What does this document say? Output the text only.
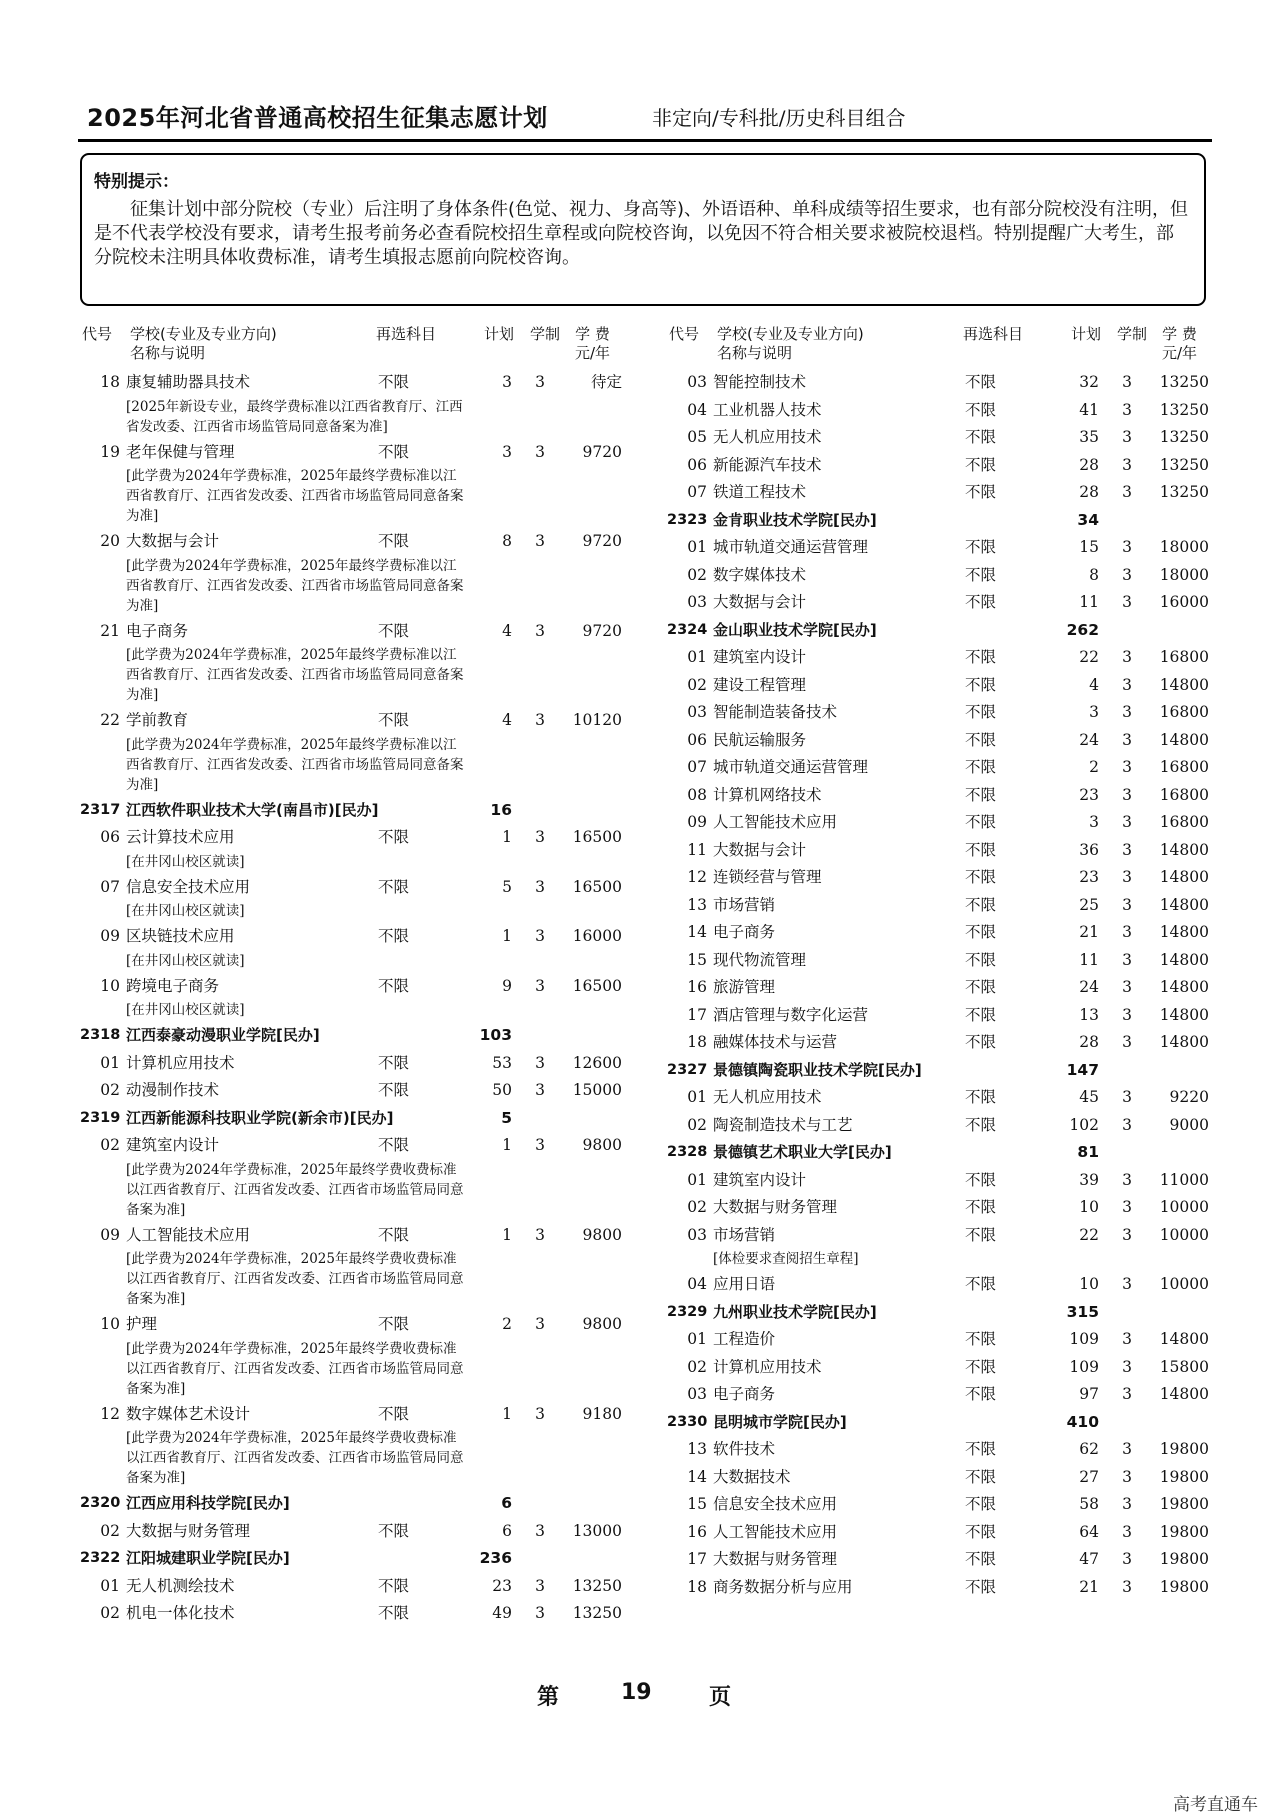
2025年河北省普通高校招生征集志愿计划	非定向/专科批/历史科目组合
特别提示：
征集计划中部分院校（专业）后注明了身体条件(色觉、视力、身高等)、外语语种、单科成绩等招生要求，也有部分院校没有注明，但是不代表学校没有要求，请考生报考前务必查看院校招生章程或向院校咨询，以免因不符合相关要求被院校退档。特别提醒广大考生，部分院校未注明具体收费标准，请考生填报志愿前向院校咨询。
代号 学校(专业及专业方向)
名称与说明
再选科目	计划 学制 学 费
元/年
18 康复辅助器具技术	不限	3	3	待定
[2025年新设专业，最终学费标准以江西省教育厅、江西省发改委、江西省市场监管局同意备案为准]
19 老年保健与管理	不限	3	3	9720
[此学费为2024年学费标准，2025年最终学费标准以江西省教育厅、江西省发改委、江西省市场监管局同意备案为准]
20 大数据与会计	不限	8	3	9720
[此学费为2024年学费标准，2025年最终学费标准以江西省教育厅、江西省发改委、江西省市场监管局同意备案为准]
21 电子商务	不限	4	3	9720
[此学费为2024年学费标准，2025年最终学费标准以江西省教育厅、江西省发改委、江西省市场监管局同意备案为准]
22 学前教育	不限	4	3	10120
[此学费为2024年学费标准，2025年最终学费标准以江西省教育厅、江西省发改委、江西省市场监管局同意备案为准]
2317 江西软件职业技术大学(南昌市)[民办]	16
06 云计算技术应用	不限	1	3	16500
[在井冈山校区就读]
07 信息安全技术应用	不限	5	3	16500
[在井冈山校区就读]
09 区块链技术应用	不限	1	3	16000
[在井冈山校区就读]
10 跨境电子商务	不限	9	3	16500
[在井冈山校区就读]
2318 江西泰豪动漫职业学院[民办]	103
01 计算机应用技术	不限	53	3	12600
02 动漫制作技术	不限	50	3	15000
2319 江西新能源科技职业学院(新余市)[民办]	5
02 建筑室内设计	不限	1	3	9800
[此学费为2024年学费标准，2025年最终学费收费标准以江西省教育厅、江西省发改委、江西省市场监管局同意备案为准]
09 人工智能技术应用	不限	1	3	9800
[此学费为2024年学费标准，2025年最终学费收费标准以江西省教育厅、江西省发改委、江西省市场监管局同意备案为准]
10 护理	不限	2	3	9800
[此学费为2024年学费标准，2025年最终学费收费标准以江西省教育厅、江西省发改委、江西省市场监管局同意备案为准]
12 数字媒体艺术设计	不限	1	3	9180
[此学费为2024年学费标准，2025年最终学费收费标准以江西省教育厅、江西省发改委、江西省市场监管局同意备案为准]
2320 江西应用科技学院[民办]	6
02 大数据与财务管理	不限	6	3	13000
2322 江阳城建职业学院[民办]	236
01 无人机测绘技术	不限	23	3	13250
02 机电一体化技术	不限	49	3	13250
代号 学校(专业及专业方向)
名称与说明
再选科目	计划 学制 学 费
元/年
03 智能控制技术	不限	32	3	13250
04 工业机器人技术	不限	41	3	13250
05 无人机应用技术	不限	35	3	13250
06 新能源汽车技术	不限	28	3	13250
07 铁道工程技术	不限	28	3	13250
2323 金肯职业技术学院[民办]	34
01 城市轨道交通运营管理	不限	15	3	18000
02 数字媒体技术	不限	8	3	18000
03 大数据与会计	不限	11	3	16000
2324 金山职业技术学院[民办]	262
01 建筑室内设计	不限	22	3	16800
02 建设工程管理	不限	4	3	14800
03 智能制造装备技术	不限	3	3	16800
06 民航运输服务	不限	24	3	14800
07 城市轨道交通运营管理	不限	2	3	16800
08 计算机网络技术	不限	23	3	16800
09 人工智能技术应用	不限	3	3	16800
11 大数据与会计	不限	36	3	14800
12 连锁经营与管理	不限	23	3	14800
13 市场营销	不限	25	3	14800
14 电子商务	不限	21	3	14800
15 现代物流管理	不限	11	3	14800
16 旅游管理	不限	24	3	14800
17 酒店管理与数字化运营	不限	13	3	14800
18 融媒体技术与运营	不限	28	3	14800
2327 景德镇陶瓷职业技术学院[民办]	147
01 无人机应用技术	不限	45	3	9220
02 陶瓷制造技术与工艺	不限	102	3	9000
2328 景德镇艺术职业大学[民办]	81
01 建筑室内设计	不限	39	3	11000
02 大数据与财务管理	不限	10	3	10000
03 市场营销	不限	22	3	10000
[体检要求查阅招生章程]
04 应用日语	不限	10	3	10000
2329 九州职业技术学院[民办]	315
01 工程造价	不限	109	3	14800
02 计算机应用技术	不限	109	3	15800
03 电子商务	不限	97	3	14800
2330 昆明城市学院[民办]	410
13 软件技术	不限	62	3	19800
14 大数据技术	不限	27	3	19800
15 信息安全技术应用	不限	58	3	19800
16 人工智能技术应用	不限	64	3	19800
17 大数据与财务管理	不限	47	3	19800
18 商务数据分析与应用	不限	21	3	19800
第	19	页
高考直通车
